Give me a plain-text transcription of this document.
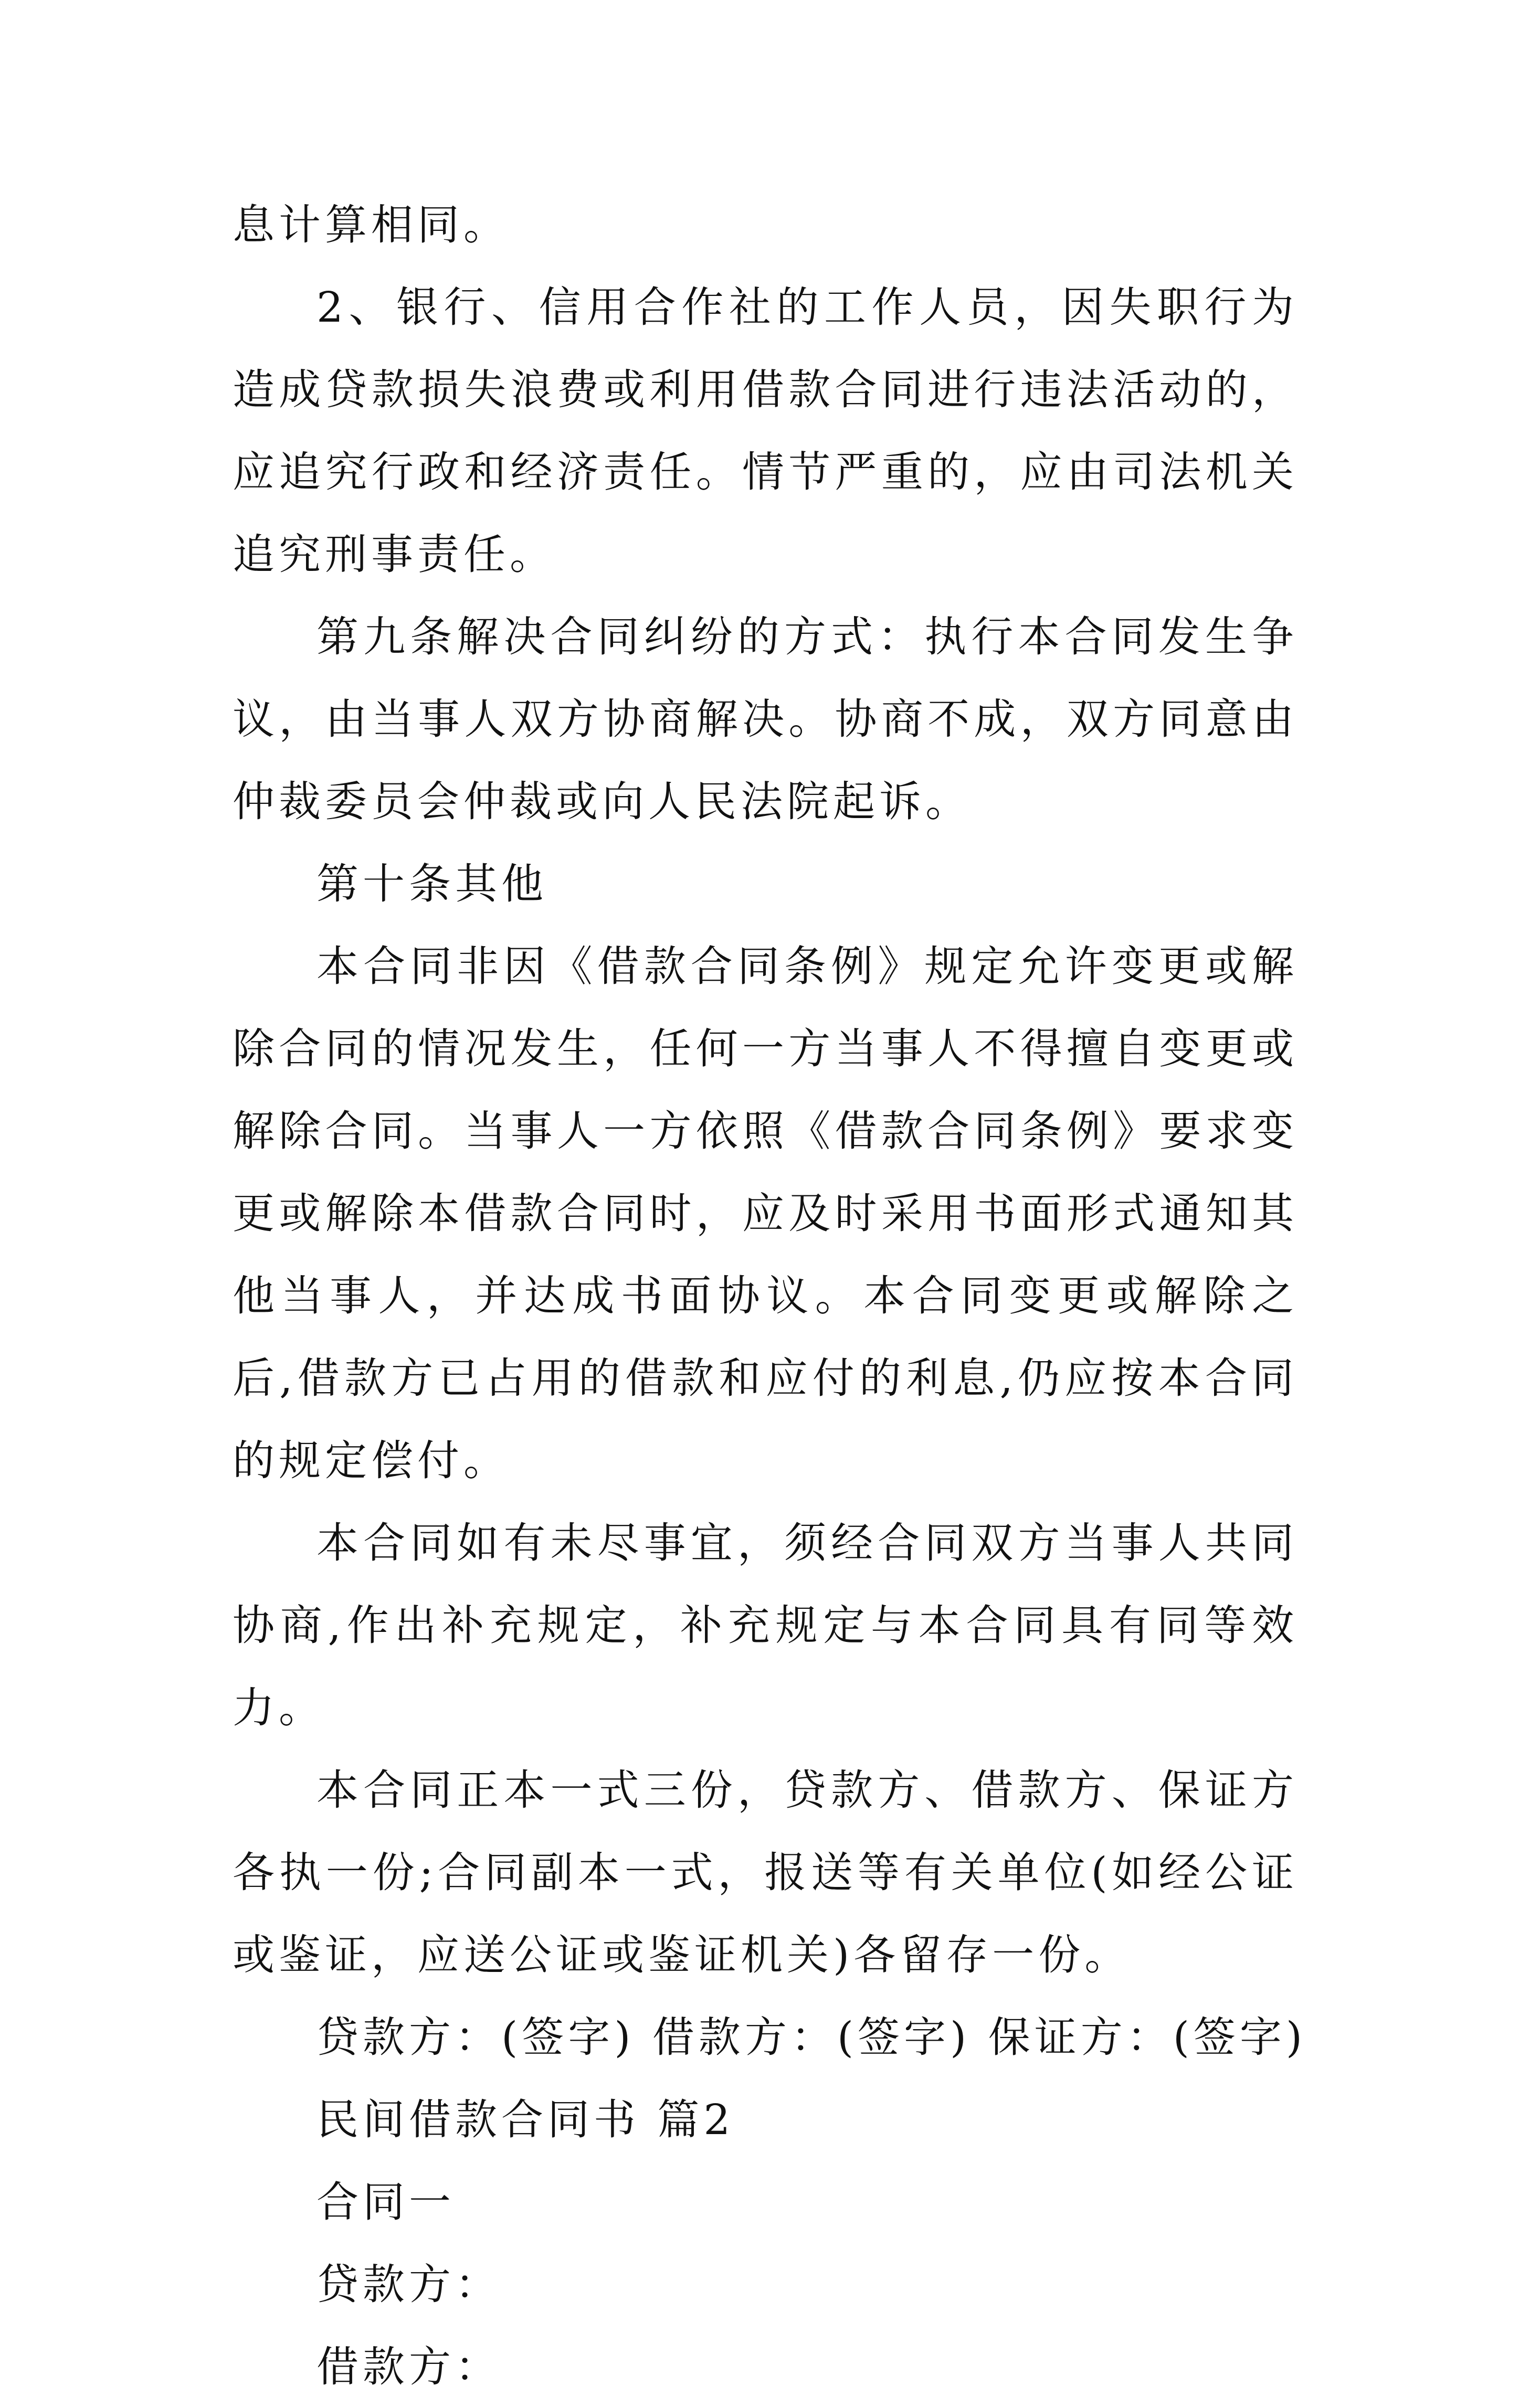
息计算相同。

2、银行、信用合作社的工作人员，因失职行为造成贷款损失浪费或利用借款合同进行违法活动的，应追究行政和经济责任。情节严重的，应由司法机关追究刑事责任。

第九条解决合同纠纷的方式：执行本合同发生争议，由当事人双方协商解决。协商不成，双方同意由仲裁委员会仲裁或向人民法院起诉。

第十条其他

本合同非因《借款合同条例》规定允许变更或解除合同的情况发生，任何一方当事人不得擅自变更或解除合同。当事人一方依照《借款合同条例》要求变更或解除本借款合同时，应及时采用书面形式通知其他当事人，并达成书面协议。本合同变更或解除之后,借款方已占用的借款和应付的利息,仍应按本合同的规定偿付。

本合同如有未尽事宜，须经合同双方当事人共同协商,作出补充规定，补充规定与本合同具有同等效力。

本合同正本一式三份，贷款方、借款方、保证方各执一份;合同副本一式，报送等有关单位(如经公证或鉴证，应送公证或鉴证机关)各留存一份。

贷款方：(签字) 借款方：(签字) 保证方：(签字)

民间借款合同书 篇2

合同一

贷款方：

借款方：
